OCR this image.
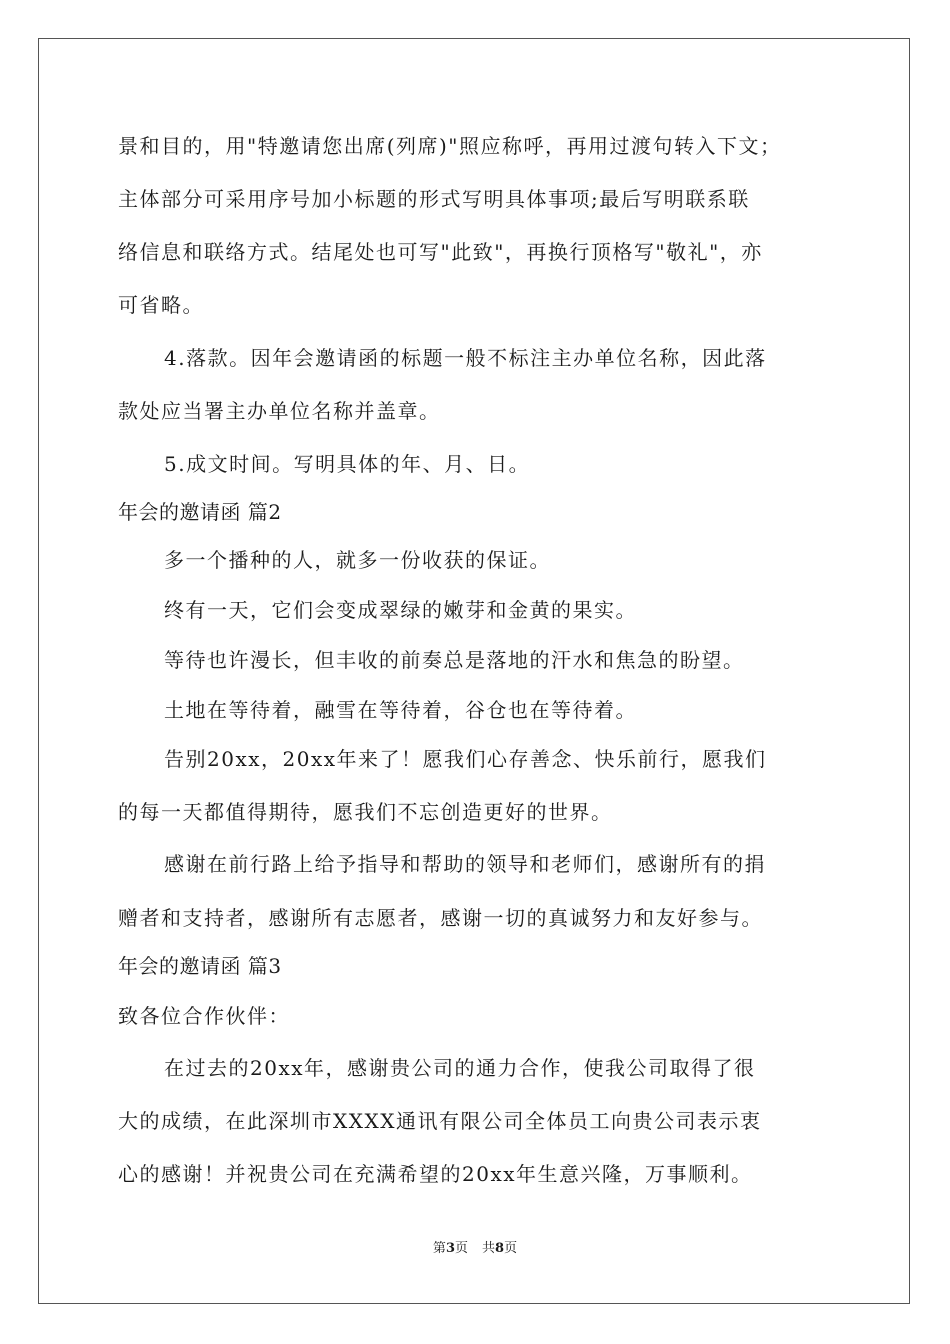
景和目的，用"特邀请您出席(列席)"照应称呼，再用过渡句转入下文；
主体部分可采用序号加小标题的形式写明具体事项;最后写明联系联
络信息和联络方式。结尾处也可写"此致"，再换行顶格写"敬礼"，亦
可省略。
4.落款。因年会邀请函的标题一般不标注主办单位名称，因此落
款处应当署主办单位名称并盖章。
5.成文时间。写明具体的年、月、日。
年会的邀请函 篇2
多一个播种的人，就多一份收获的保证。
终有一天，它们会变成翠绿的嫩芽和金黄的果实。
等待也许漫长，但丰收的前奏总是落地的汗水和焦急的盼望。
土地在等待着，融雪在等待着，谷仓也在等待着。
告别20xx，20xx年来了！愿我们心存善念、快乐前行，愿我们
的每一天都值得期待，愿我们不忘创造更好的世界。
感谢在前行路上给予指导和帮助的领导和老师们，感谢所有的捐
赠者和支持者，感谢所有志愿者，感谢一切的真诚努力和友好参与。
年会的邀请函 篇3
致各位合作伙伴：
在过去的20xx年，感谢贵公司的通力合作，使我公司取得了很
大的成绩，在此深圳市XXXX通讯有限公司全体员工向贵公司表示衷
心的感谢！并祝贵公司在充满希望的20xx年生意兴隆，万事顺利。
第3页 共8页
